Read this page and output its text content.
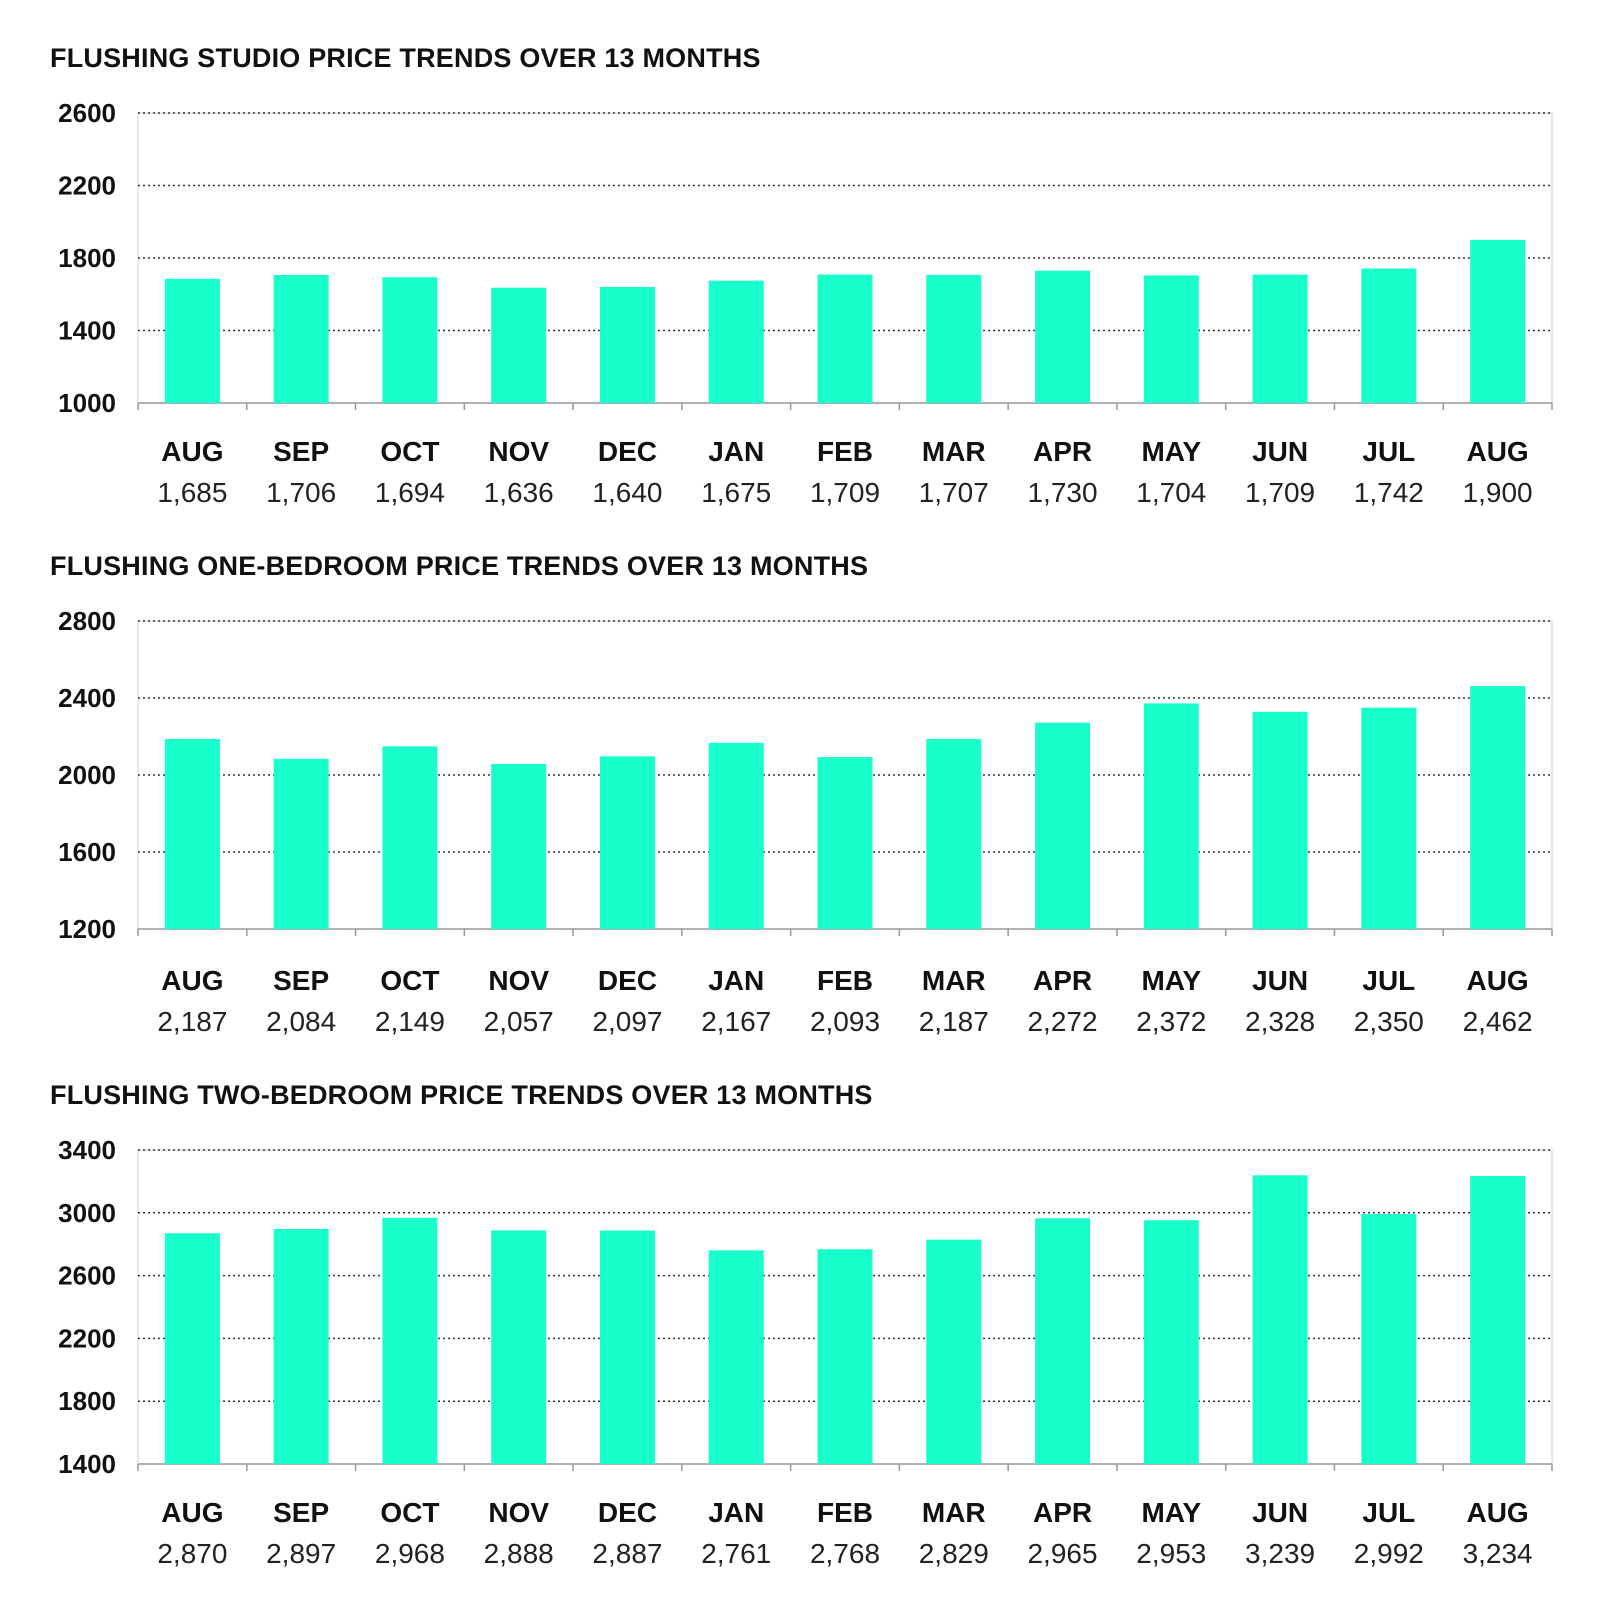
FLUSHING STUDIO PRICE TRENDS OVER 13 MONTHS
1000
1400
1800
2200
2600
AUG
1,685
SEP
1,706
OCT
1,694
NOV
1,636
DEC
1,640
JAN
1,675
FEB
1,709
MAR
1,707
APR
1,730
MAY
1,704
JUN
1,709
JUL
1,742
AUG
1,900
FLUSHING ONE-BEDROOM PRICE TRENDS OVER 13 MONTHS
1200
1600
2000
2400
2800
AUG
2,187
SEP
2,084
OCT
2,149
NOV
2,057
DEC
2,097
JAN
2,167
FEB
2,093
MAR
2,187
APR
2,272
MAY
2,372
JUN
2,328
JUL
2,350
AUG
2,462
FLUSHING TWO-BEDROOM PRICE TRENDS OVER 13 MONTHS
1400
1800
2200
2600
3000
3400
AUG
2,870
SEP
2,897
OCT
2,968
NOV
2,888
DEC
2,887
JAN
2,761
FEB
2,768
MAR
2,829
APR
2,965
MAY
2,953
JUN
3,239
JUL
2,992
AUG
3,234
